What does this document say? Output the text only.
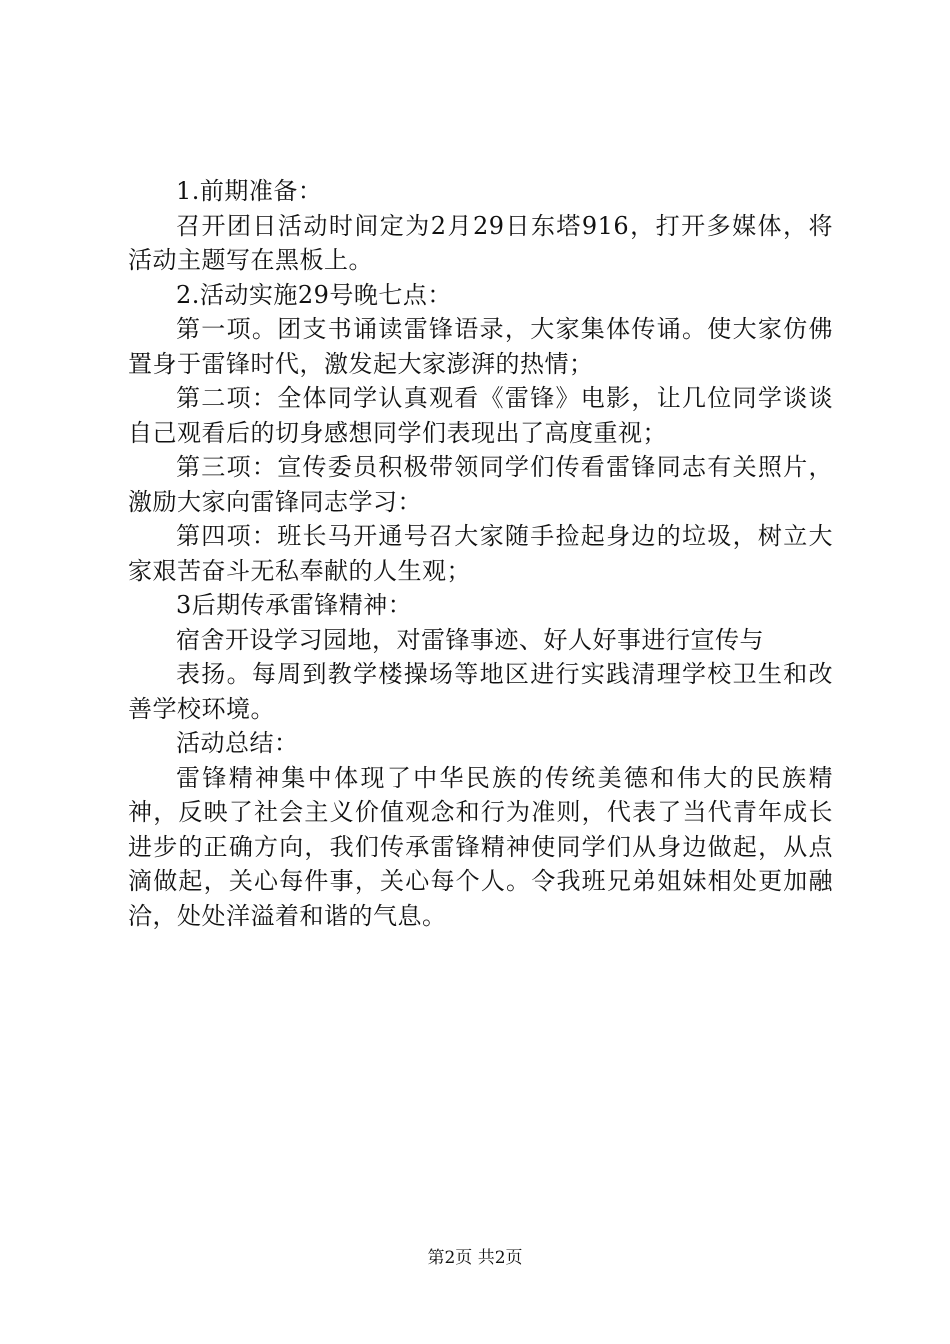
1.前期准备：

召开团日活动时间定为2月29日东塔916，打开多媒体，将活动主题写在黑板上。

2.活动实施29号晚七点：

第一项。团支书诵读雷锋语录，大家集体传诵。使大家仿佛置身于雷锋时代，激发起大家澎湃的热情；

第二项：全体同学认真观看《雷锋》电影，让几位同学谈谈自己观看后的切身感想同学们表现出了高度重视；

第三项：宣传委员积极带领同学们传看雷锋同志有关照片，激励大家向雷锋同志学习：

第四项：班长马开通号召大家随手捡起身边的垃圾，树立大家艰苦奋斗无私奉献的人生观；

3后期传承雷锋精神：

宿舍开设学习园地，对雷锋事迹、好人好事进行宣传与

表扬。每周到教学楼操场等地区进行实践清理学校卫生和改善学校环境。

活动总结：

雷锋精神集中体现了中华民族的传统美德和伟大的民族精神，反映了社会主义价值观念和行为准则，代表了当代青年成长进步的正确方向，我们传承雷锋精神使同学们从身边做起，从点滴做起，关心每件事，关心每个人。令我班兄弟姐妹相处更加融洽，处处洋溢着和谐的气息。

第2页 共2页
